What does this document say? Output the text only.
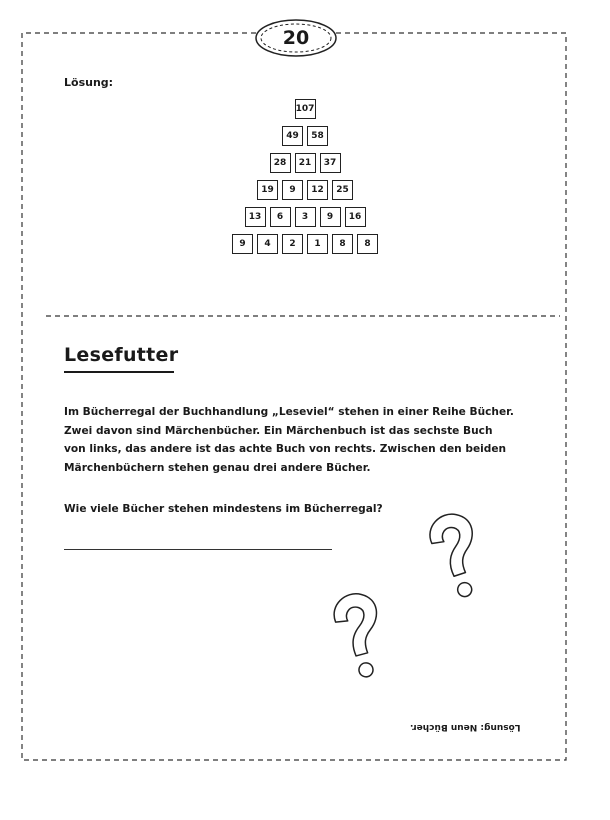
20
Lösung:
107
49	58
28	21	37
19	9	12	25
13	6	3	9	16
9	4	2	1	8	8
Lesefutter
Im Bücherregal der Buchhandlung „Leseviel“ stehen in einer Reihe Bücher.
Zwei davon sind Märchenbücher. Ein Märchenbuch ist das sechste Buch
von links, das andere ist das achte Buch von rechts. Zwischen den beiden
Märchenbüchern stehen genau drei andere Bücher.
Wie viele Bücher stehen mindestens im Bücherregal?
Lösung: Neun Bücher.
